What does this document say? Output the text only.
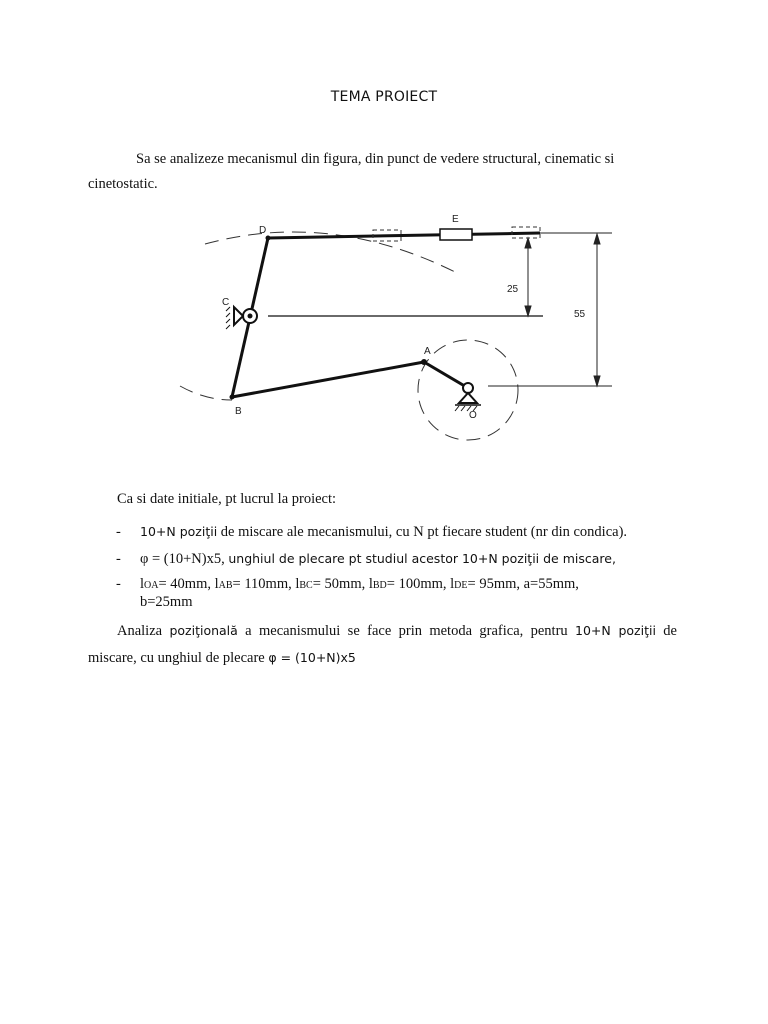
TEMA PROIECT
Sa se analizeze mecanismul din figura, din punct de vedere structural, cinematic si
cinetostatic.
25
55
D
E
C
A
B	O
Ca si date initiale, pt lucrul la proiect:
- 10+N poziţii de miscare ale mecanismului, cu N pt fiecare student (nr din condica).
- φ = (10+N)x5, unghiul de plecare pt studiul acestor 10+N poziţii de miscare,
- lOA= 40mm, lAB= 110mm, lBC= 50mm, lBD= 100mm, lDE= 95mm, a=55mm,
b=25mm
Analiza poziţională a mecanismului se face prin metoda grafica, pentru 10+N poziţii de
miscare, cu unghiul de plecare φ = (10+N)x5
